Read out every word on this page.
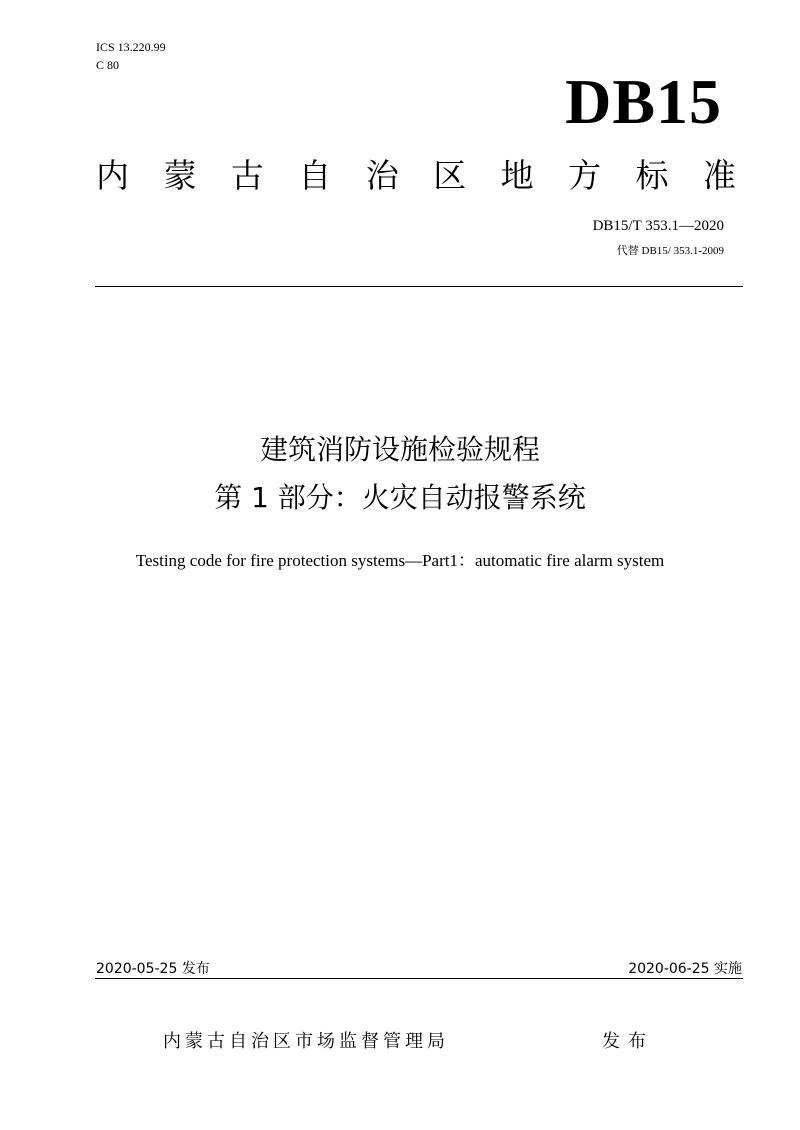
ICS 13.220.99
C 80
DB15
内 蒙 古 自 治 区 地 方 标 准
DB15/T 353.1—2020
代替 DB15/ 353.1-2009
建筑消防设施检验规程
第 1 部分：火灾自动报警系统
Testing code for fire protection systems—Part1：automatic fire alarm system
2020-05-25 发布	2020-06-25 实施
内蒙古自治区市场监督管理局	发布
